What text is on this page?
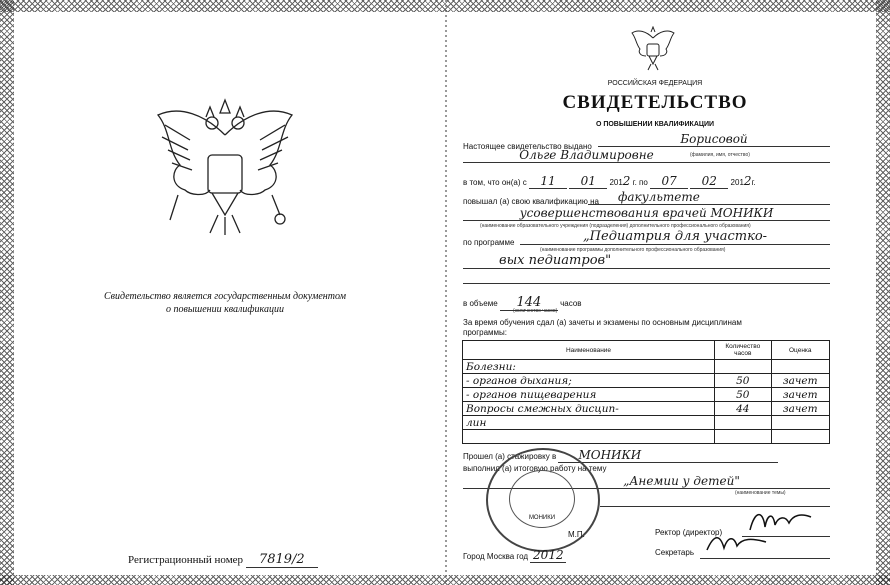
Свидетельство является государственным документом
о повышении квалификации
Регистрационный номер 7819/2
РОССИЙСКАЯ ФЕДЕРАЦИЯ
СВИДЕТЕЛЬСТВО
О ПОВЫШЕНИИ КВАЛИФИКАЦИИ
Настоящее свидетельство выдано
Борисовой
(фамилия, имя, отчество)
Ольге Владимировне
в том, что он(а) с 11 01 2012 г. по 07 02 2012г.
повышал (а) свою квалификацию на	факультете
усовершенствования врачей МОНИКИ
(наименование образовательного учреждения (подразделения) дополнительного профессионального образования)
по программе	„Педиатрия для участко-
(наименование программы дополнительного профессионального образования)
вых педиатров"
в объеме 144 часов
(количество часов)
За время обучения сдал (а) зачеты и экзамены по основным дисциплинам
программы:
Наименование	Количество часов	Оценка
Болезни:		
- органов дыхания;	50	зачет
- органов пищеварения	50	зачет
Вопросы смежных дисцип-	44	зачет
лин		

Прошел (а) стажировку в МОНИКИ
выполнил (а) итоговую работу на тему
„Анемии у детей"
(наименование темы)
МОНИКИ
М.П.	Ректор (директор)
Город Москва год 2012	Секретарь
